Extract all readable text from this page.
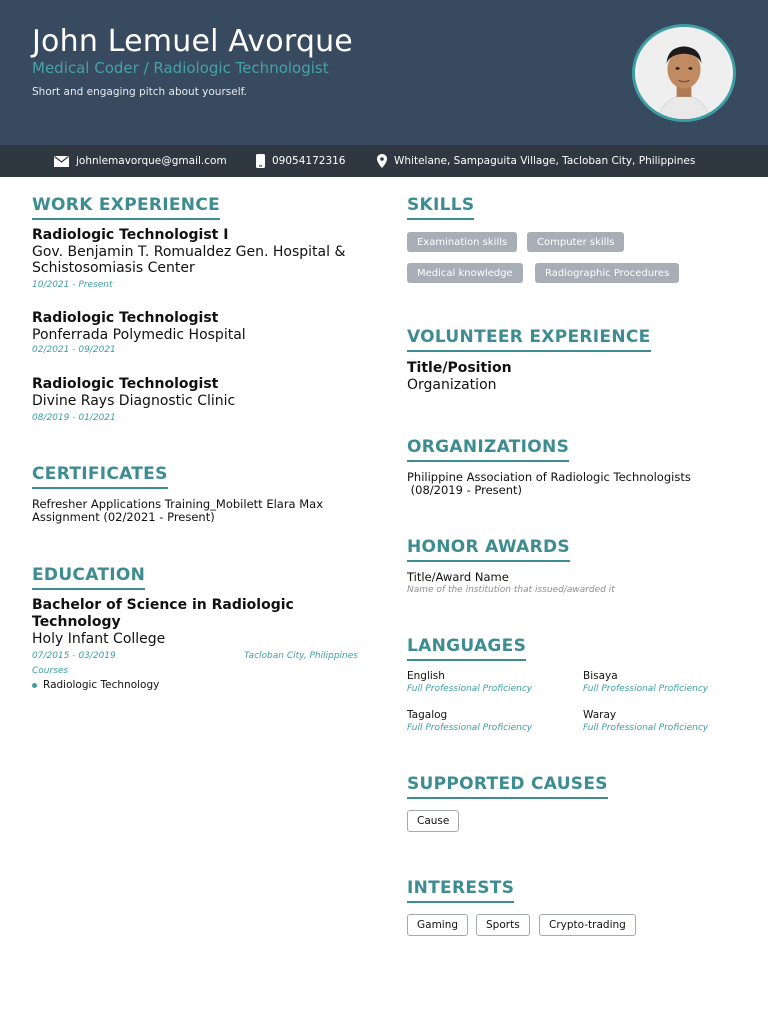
John Lemuel Avorque
Medical Coder / Radiologic Technologist
Short and engaging pitch about yourself.
johnlemavorque@gmail.com	09054172316	Whitelane, Sampaguita Village, Tacloban City, Philippines
WORK EXPERIENCE
Radiologic Technologist I
Gov. Benjamin T. Romualdez Gen. Hospital & Schistosomiasis Center
10/2021 - Present
Radiologic Technologist
Ponferrada Polymedic Hospital
02/2021 - 09/2021
Radiologic Technologist
Divine Rays Diagnostic Clinic
08/2019 - 01/2021
CERTIFICATES
Refresher Applications Training_Mobilett Elara Max Assignment (02/2021 - Present)
EDUCATION
Bachelor of Science in Radiologic Technology
Holy Infant College
07/2015 - 03/2019	Tacloban City, Philippines
Courses
Radiologic Technology
SKILLS
Examination skills	Computer skills
Medical knowledge	Radiographic Procedures
VOLUNTEER EXPERIENCE
Title/Position
Organization
ORGANIZATIONS
Philippine Association of Radiologic Technologists
(08/2019 - Present)
HONOR AWARDS
Title/Award Name
Name of the institution that issued/awarded it
LANGUAGES
English
Full Professional Proficiency
Bisaya
Full Professional Proficiency
Tagalog
Full Professional Proficiency
Waray
Full Professional Proficiency
SUPPORTED CAUSES
Cause
INTERESTS
Gaming	Sports	Crypto-trading
